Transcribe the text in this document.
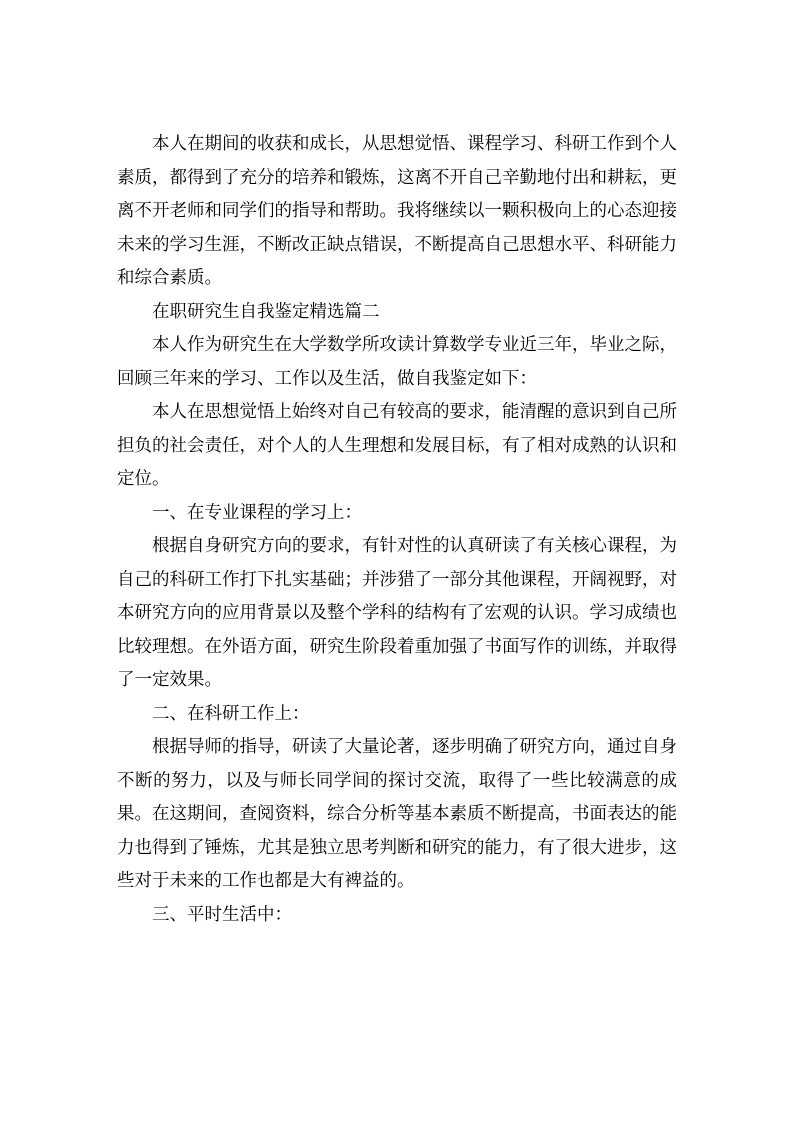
本人在期间的收获和成长，从思想觉悟、课程学习、科研工作到个人素质，都得到了充分的培养和锻炼，这离不开自己辛勤地付出和耕耘，更离不开老师和同学们的指导和帮助。我将继续以一颗积极向上的心态迎接未来的学习生涯，不断改正缺点错误，不断提高自己思想水平、科研能力和综合素质。

在职研究生自我鉴定精选篇二

本人作为研究生在大学数学所攻读计算数学专业近三年，毕业之际，回顾三年来的学习、工作以及生活，做自我鉴定如下：

本人在思想觉悟上始终对自己有较高的要求，能清醒的意识到自己所担负的社会责任，对个人的人生理想和发展目标，有了相对成熟的认识和定位。

一、在专业课程的学习上：

根据自身研究方向的要求，有针对性的认真研读了有关核心课程，为自己的科研工作打下扎实基础；并涉猎了一部分其他课程，开阔视野，对本研究方向的应用背景以及整个学科的结构有了宏观的认识。学习成绩也比较理想。在外语方面，研究生阶段着重加强了书面写作的训练，并取得了一定效果。

二、在科研工作上：

根据导师的指导，研读了大量论著，逐步明确了研究方向，通过自身不断的努力，以及与师长同学间的探讨交流，取得了一些比较满意的成果。在这期间，查阅资料，综合分析等基本素质不断提高，书面表达的能力也得到了锤炼，尤其是独立思考判断和研究的能力，有了很大进步，这些对于未来的工作也都是大有裨益的。

三、平时生活中：
